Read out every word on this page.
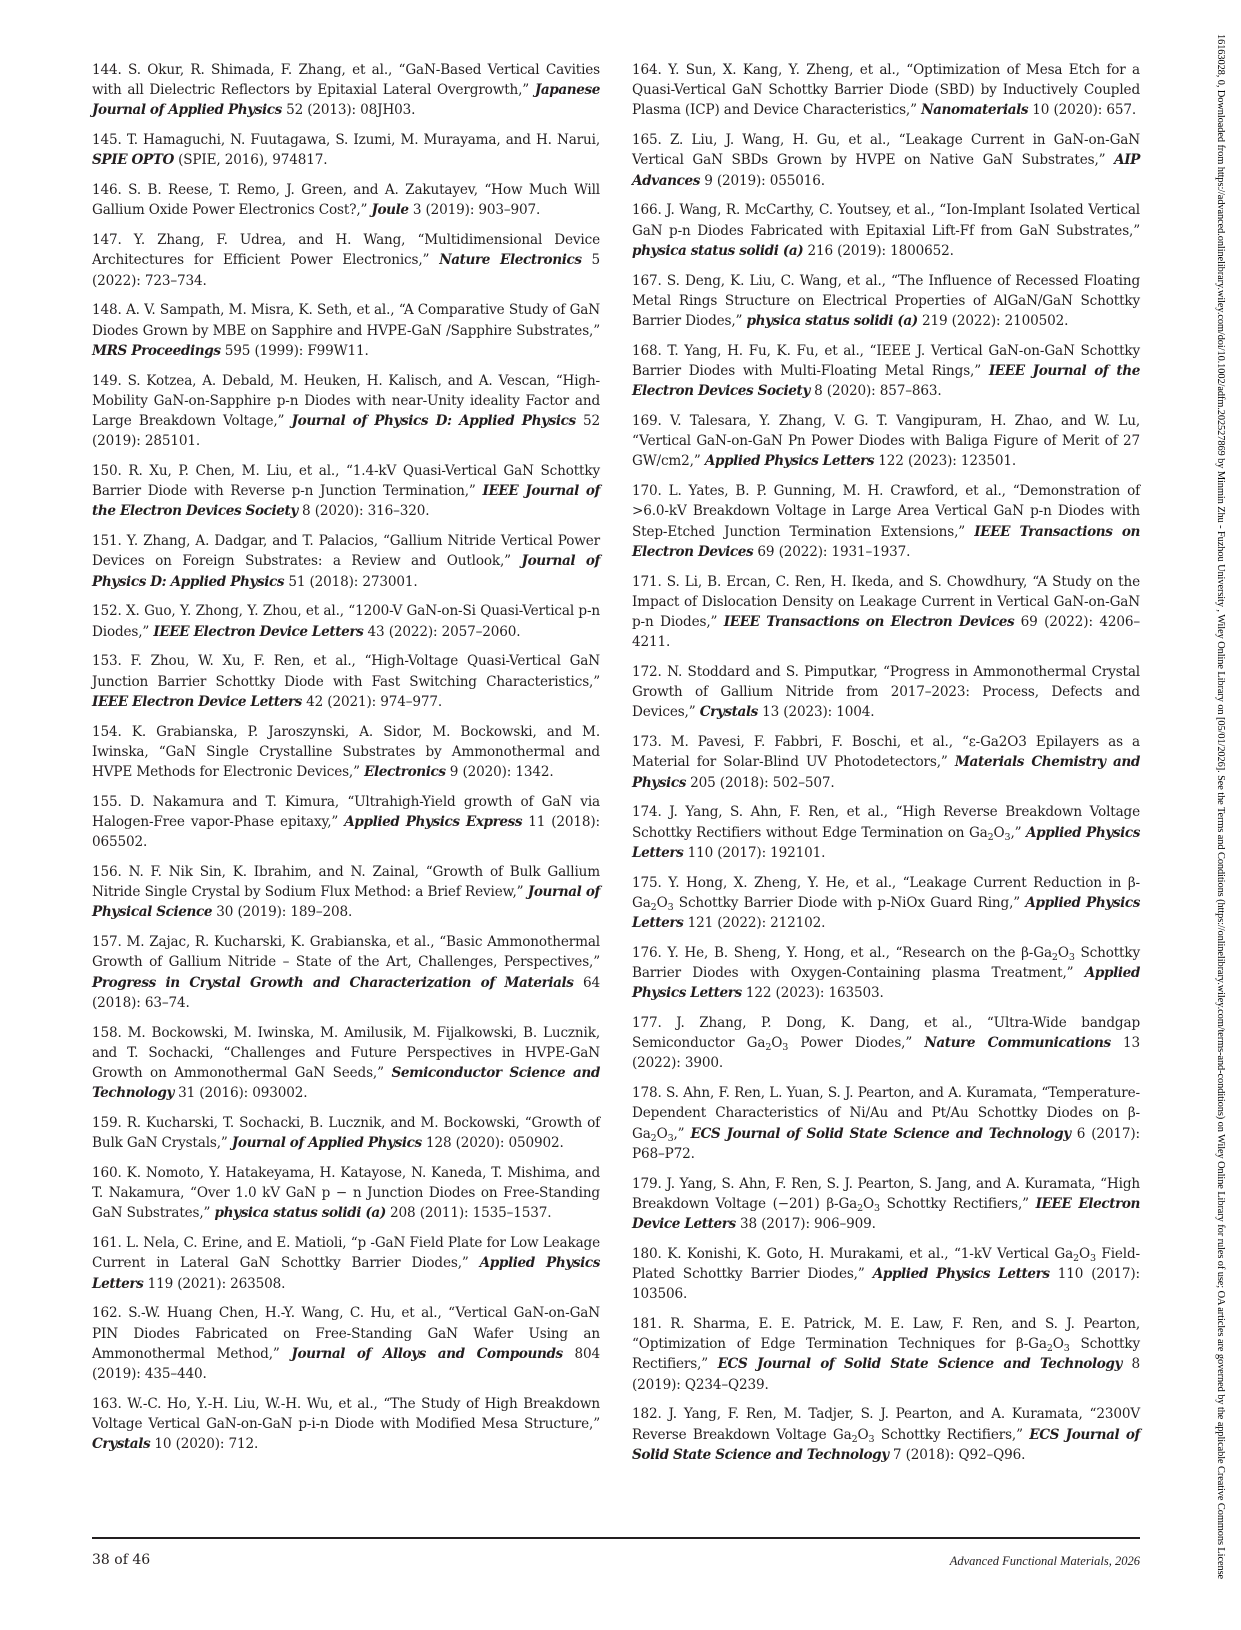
144. S. Okur, R. Shimada, F. Zhang, et al., “GaN-Based Vertical Cavities with all Dielectric Reflectors by Epitaxial Lateral Overgrowth,” Japanese Journal of Applied Physics 52 (2013): 08JH03.

145. T. Hamaguchi, N. Fuutagawa, S. Izumi, M. Murayama, and H. Narui, SPIE OPTO (SPIE, 2016), 974817.

146. S. B. Reese, T. Remo, J. Green, and A. Zakutayev, “How Much Will Gallium Oxide Power Electronics Cost?,” Joule 3 (2019): 903–907.

147. Y. Zhang, F. Udrea, and H. Wang, “Multidimensional Device Architectures for Efficient Power Electronics,” Nature Electronics 5 (2022): 723–734.

148. A. V. Sampath, M. Misra, K. Seth, et al., “A Comparative Study of GaN Diodes Grown by MBE on Sapphire and HVPE-GaN /Sapphire Substrates,” MRS Proceedings 595 (1999): F99W11.

149. S. Kotzea, A. Debald, M. Heuken, H. Kalisch, and A. Vescan, “High-Mobility GaN-on-Sapphire p-n Diodes with near-Unity ideality Factor and Large Breakdown Voltage,” Journal of Physics D: Applied Physics 52 (2019): 285101.

150. R. Xu, P. Chen, M. Liu, et al., “1.4-kV Quasi-Vertical GaN Schottky Barrier Diode with Reverse p-n Junction Termination,” IEEE Journal of the Electron Devices Society 8 (2020): 316–320.

151. Y. Zhang, A. Dadgar, and T. Palacios, “Gallium Nitride Vertical Power Devices on Foreign Substrates: a Review and Outlook,” Journal of Physics D: Applied Physics 51 (2018): 273001.

152. X. Guo, Y. Zhong, Y. Zhou, et al., “1200-V GaN-on-Si Quasi-Vertical p-n Diodes,” IEEE Electron Device Letters 43 (2022): 2057–2060.

153. F. Zhou, W. Xu, F. Ren, et al., “High-Voltage Quasi-Vertical GaN Junction Barrier Schottky Diode with Fast Switching Characteristics,” IEEE Electron Device Letters 42 (2021): 974–977.

154. K. Grabianska, P. Jaroszynski, A. Sidor, M. Bockowski, and M. Iwinska, “GaN Single Crystalline Substrates by Ammonothermal and HVPE Methods for Electronic Devices,” Electronics 9 (2020): 1342.

155. D. Nakamura and T. Kimura, “Ultrahigh-Yield growth of GaN via Halogen-Free vapor-Phase epitaxy,” Applied Physics Express 11 (2018): 065502.

156. N. F. Nik Sin, K. Ibrahim, and N. Zainal, “Growth of Bulk Gallium Nitride Single Crystal by Sodium Flux Method: a Brief Review,” Journal of Physical Science 30 (2019): 189–208.

157. M. Zajac, R. Kucharski, K. Grabianska, et al., “Basic Ammonothermal Growth of Gallium Nitride – State of the Art, Challenges, Perspectives,” Progress in Crystal Growth and Characterization of Materials 64 (2018): 63–74.

158. M. Bockowski, M. Iwinska, M. Amilusik, M. Fijalkowski, B. Lucznik, and T. Sochacki, “Challenges and Future Perspectives in HVPE-GaN Growth on Ammonothermal GaN Seeds,” Semiconductor Science and Technology 31 (2016): 093002.

159. R. Kucharski, T. Sochacki, B. Lucznik, and M. Bockowski, “Growth of Bulk GaN Crystals,” Journal of Applied Physics 128 (2020): 050902.

160. K. Nomoto, Y. Hatakeyama, H. Katayose, N. Kaneda, T. Mishima, and T. Nakamura, “Over 1.0 kV GaN p − n Junction Diodes on Free-Standing GaN Substrates,” physica status solidi (a) 208 (2011): 1535–1537.

161. L. Nela, C. Erine, and E. Matioli, “p -GaN Field Plate for Low Leakage Current in Lateral GaN Schottky Barrier Diodes,” Applied Physics Letters 119 (2021): 263508.

162. S.-W. Huang Chen, H.-Y. Wang, C. Hu, et al., “Vertical GaN-on-GaN PIN Diodes Fabricated on Free-Standing GaN Wafer Using an Ammonothermal Method,” Journal of Alloys and Compounds 804 (2019): 435–440.

163. W.-C. Ho, Y.-H. Liu, W.-H. Wu, et al., “The Study of High Breakdown Voltage Vertical GaN-on-GaN p-i-n Diode with Modified Mesa Structure,” Crystals 10 (2020): 712.

164. Y. Sun, X. Kang, Y. Zheng, et al., “Optimization of Mesa Etch for a Quasi-Vertical GaN Schottky Barrier Diode (SBD) by Inductively Coupled Plasma (ICP) and Device Characteristics,” Nanomaterials 10 (2020): 657.

165. Z. Liu, J. Wang, H. Gu, et al., “Leakage Current in GaN-on-GaN Vertical GaN SBDs Grown by HVPE on Native GaN Substrates,” AIP Advances 9 (2019): 055016.

166. J. Wang, R. McCarthy, C. Youtsey, et al., “Ion-Implant Isolated Vertical GaN p-n Diodes Fabricated with Epitaxial Lift-Ff from GaN Substrates,” physica status solidi (a) 216 (2019): 1800652.

167. S. Deng, K. Liu, C. Wang, et al., “The Influence of Recessed Floating Metal Rings Structure on Electrical Properties of AlGaN/GaN Schottky Barrier Diodes,” physica status solidi (a) 219 (2022): 2100502.

168. T. Yang, H. Fu, K. Fu, et al., “IEEE J. Vertical GaN-on-GaN Schottky Barrier Diodes with Multi-Floating Metal Rings,” IEEE Journal of the Electron Devices Society 8 (2020): 857–863.

169. V. Talesara, Y. Zhang, V. G. T. Vangipuram, H. Zhao, and W. Lu, “Vertical GaN-on-GaN Pn Power Diodes with Baliga Figure of Merit of 27 GW/cm2,” Applied Physics Letters 122 (2023): 123501.

170. L. Yates, B. P. Gunning, M. H. Crawford, et al., “Demonstration of >6.0-kV Breakdown Voltage in Large Area Vertical GaN p-n Diodes with Step-Etched Junction Termination Extensions,” IEEE Transactions on Electron Devices 69 (2022): 1931–1937.

171. S. Li, B. Ercan, C. Ren, H. Ikeda, and S. Chowdhury, “A Study on the Impact of Dislocation Density on Leakage Current in Vertical GaN-on-GaN p-n Diodes,” IEEE Transactions on Electron Devices 69 (2022): 4206–4211.

172. N. Stoddard and S. Pimputkar, “Progress in Ammonothermal Crystal Growth of Gallium Nitride from 2017–2023: Process, Defects and Devices,” Crystals 13 (2023): 1004.

173. M. Pavesi, F. Fabbri, F. Boschi, et al., “ε-Ga2O3 Epilayers as a Material for Solar-Blind UV Photodetectors,” Materials Chemistry and Physics 205 (2018): 502–507.

174. J. Yang, S. Ahn, F. Ren, et al., “High Reverse Breakdown Voltage Schottky Rectifiers without Edge Termination on $Ga_2O_3$,” Applied Physics Letters 110 (2017): 192101.

175. Y. Hong, X. Zheng, Y. He, et al., “Leakage Current Reduction in $\beta-Ga_2O_3$ Schottky Barrier Diode with p-NiOx Guard Ring,” Applied Physics Letters 121 (2022): 212102.

176. Y. He, B. Sheng, Y. Hong, et al., “Research on the $\beta-Ga_2O_3$ Schottky Barrier Diodes with Oxygen-Containing plasma Treatment,” Applied Physics Letters 122 (2023): 163503.

177. J. Zhang, P. Dong, K. Dang, et al., “Ultra-Wide bandgap Semiconductor $Ga_2O_3$ Power Diodes,” Nature Communications 13 (2022): 3900.

178. S. Ahn, F. Ren, L. Yuan, S. J. Pearton, and A. Kuramata, “Temperature-Dependent Characteristics of Ni/Au and Pt/Au Schottky Diodes on $\beta-Ga_2O_3$,” ECS Journal of Solid State Science and Technology 6 (2017): P68–P72.

179. J. Yang, S. Ahn, F. Ren, S. J. Pearton, S. Jang, and A. Kuramata, “High Breakdown Voltage (−201) $\beta-Ga_2O_3$ Schottky Rectifiers,” IEEE Electron Device Letters 38 (2017): 906–909.

180. K. Konishi, K. Goto, H. Murakami, et al., “1-kV Vertical $Ga_2O_3$ Field-Plated Schottky Barrier Diodes,” Applied Physics Letters 110 (2017): 103506.

181. R. Sharma, E. E. Patrick, M. E. Law, F. Ren, and S. J. Pearton, “Optimization of Edge Termination Techniques for $\beta-Ga_2O_3$ Schottky Rectifiers,” ECS Journal of Solid State Science and Technology 8 (2019): Q234–Q239.

182. J. Yang, F. Ren, M. Tadjer, S. J. Pearton, and A. Kuramata, “2300V Reverse Breakdown Voltage $Ga_2O_3$ Schottky Rectifiers,” ECS Journal of Solid State Science and Technology 7 (2018): Q92–Q96.

38 of 46	Advanced Functional Materials, 2026	16163028, 0, Downloaded from https://advanced.onlinelibrary.wiley.com/doi/10.1002/adfm.202527869 by Minmin Zhu - Fuzhou University , Wiley Online Library on [05/01/2026]. See the Terms and Conditions (https://onlinelibrary.wiley.com/terms-and-conditions) on Wiley Online Library for rules of use; OA articles are governed by the applicable Creative Commons License
